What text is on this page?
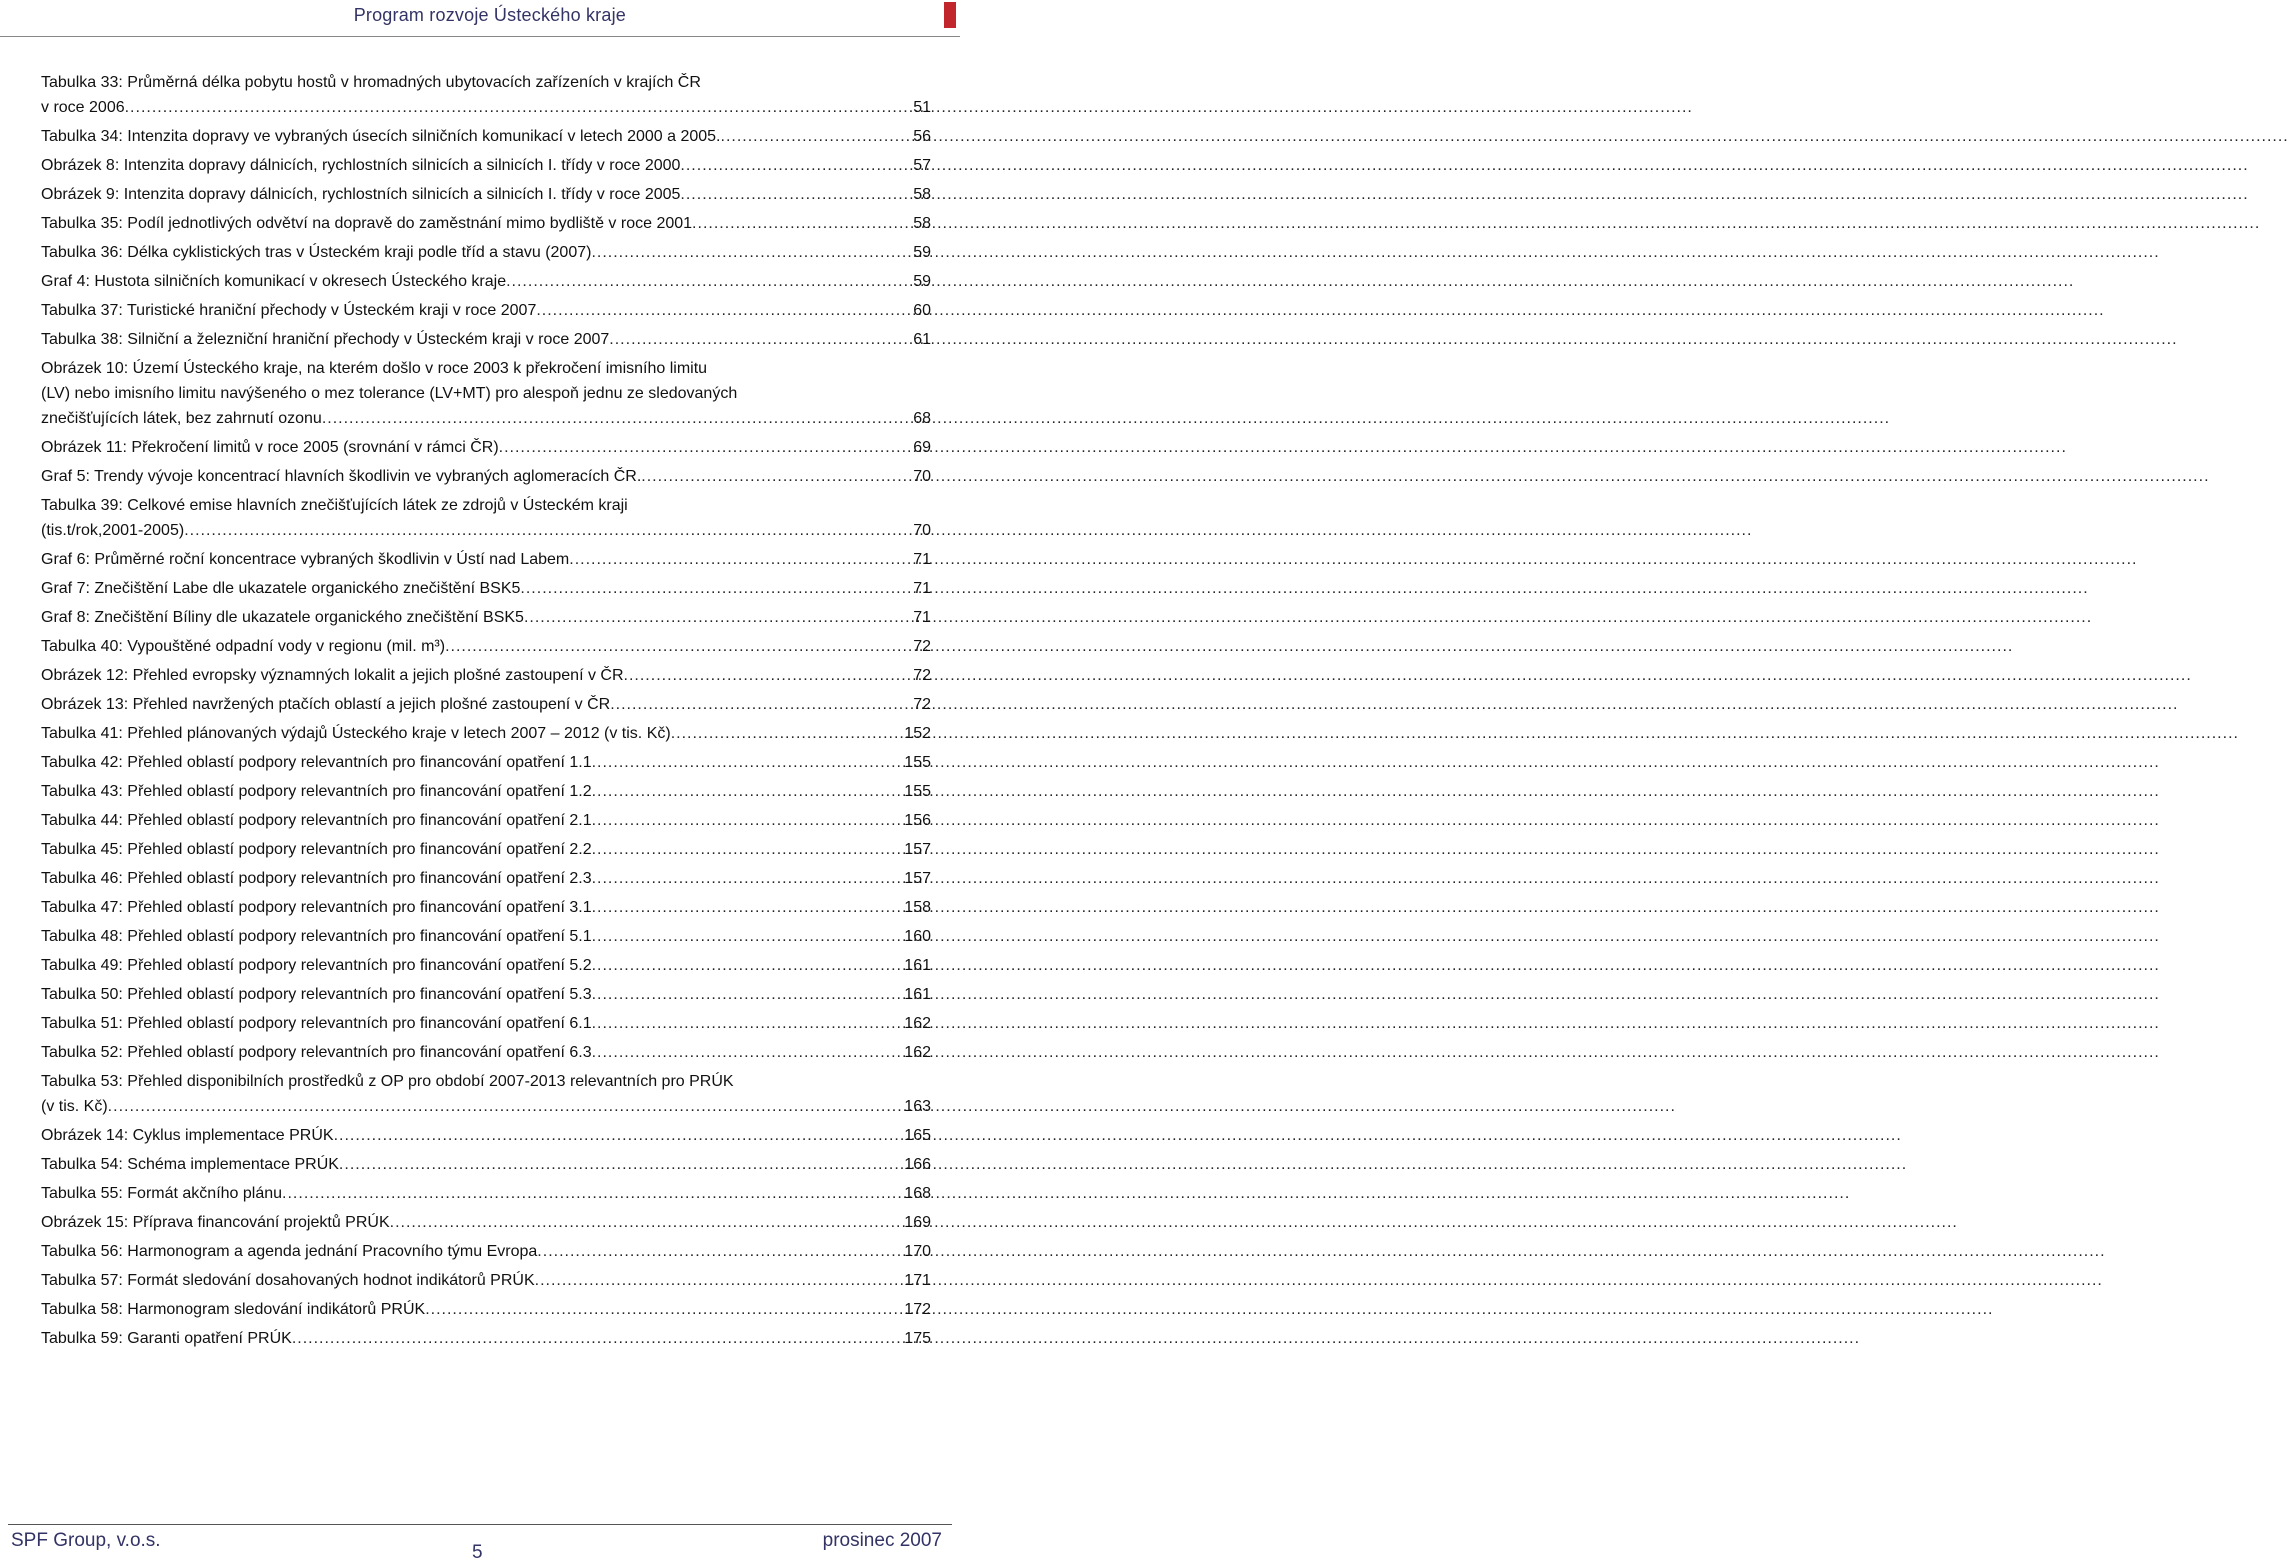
Program rozvoje Ústeckého kraje
Tabulka 33: Průměrná délka pobytu hostů v hromadných ubytovacích zařízeních v krajích ČR
v roce 2006 .....	51
Tabulka 34: Intenzita dopravy ve vybraných úsecích silničních komunikací v letech 2000 a 2005. .....	56
Obrázek 8: Intenzita dopravy dálnicích, rychlostních silnicích a silnicích I. třídy v roce 2000 .....	57
Obrázek 9: Intenzita dopravy dálnicích, rychlostních silnicích a silnicích I. třídy v roce 2005 .....	58
Tabulka 35: Podíl jednotlivých odvětví na dopravě do zaměstnání mimo bydliště v roce 2001 .....	58
Tabulka 36: Délka cyklistických tras v Ústeckém kraji podle tříd a stavu (2007) .....	59
Graf 4: Hustota silničních komunikací v okresech Ústeckého kraje .....	59
Tabulka 37: Turistické hraniční přechody v Ústeckém kraji v roce 2007 .....	60
Tabulka 38: Silniční a železniční hraniční přechody v Ústeckém kraji v roce 2007 .....	61
Obrázek 10: Území Ústeckého kraje, na kterém došlo v roce 2003 k překročení imisního limitu
(LV) nebo imisního limitu navýšeného o mez tolerance (LV+MT) pro alespoň jednu ze sledovaných
znečišťujících látek, bez zahrnutí ozonu .....	68
Obrázek 11: Překročení limitů v roce 2005 (srovnání v rámci ČR) .....	69
Graf 5: Trendy vývoje koncentrací hlavních škodlivin ve vybraných aglomeracích ČR. .....	70
Tabulka 39: Celkové emise hlavních znečišťujících látek ze zdrojů v Ústeckém kraji
(tis.t/rok,2001-2005) .....	70
Graf 6: Průměrné roční koncentrace vybraných škodlivin v Ústí nad Labem .....	71
Graf 7: Znečištění Labe dle ukazatele organického znečištění BSK5 .....	71
Graf 8: Znečištění Bíliny dle ukazatele organického znečištění BSK5 .....	71
Tabulka 40: Vypouštěné odpadní vody v regionu (mil. m³) .....	72
Obrázek 12: Přehled evropsky významných lokalit a jejich plošné zastoupení v ČR .....	72
Obrázek 13: Přehled navržených ptačích oblastí a jejich plošné zastoupení v ČR .....	72
Tabulka 41: Přehled plánovaných výdajů Ústeckého kraje v letech 2007 – 2012 (v tis. Kč) .....	152
Tabulka 42: Přehled oblastí podpory relevantních pro financování opatření 1.1 .....	155
Tabulka 43: Přehled oblastí podpory relevantních pro financování opatření 1.2 .....	155
Tabulka 44: Přehled oblastí podpory relevantních pro financování opatření 2.1 .....	156
Tabulka 45: Přehled oblastí podpory relevantních pro financování opatření 2.2 .....	157
Tabulka 46: Přehled oblastí podpory relevantních pro financování opatření 2.3 .....	157
Tabulka 47: Přehled oblastí podpory relevantních pro financování opatření 3.1 .....	158
Tabulka 48: Přehled oblastí podpory relevantních pro financování opatření 5.1 .....	160
Tabulka 49: Přehled oblastí podpory relevantních pro financování opatření 5.2 .....	161
Tabulka 50: Přehled oblastí podpory relevantních pro financování opatření 5.3 .....	161
Tabulka 51: Přehled oblastí podpory relevantních pro financování opatření 6.1 .....	162
Tabulka 52: Přehled oblastí podpory relevantních pro financování opatření 6.3 .....	162
Tabulka 53: Přehled disponibilních prostředků z OP pro období 2007-2013 relevantních pro PRÚK
(v tis. Kč) .....	163
Obrázek 14: Cyklus implementace PRÚK .....	165
Tabulka 54: Schéma implementace PRÚK .....	166
Tabulka 55: Formát akčního plánu .....	168
Obrázek 15: Příprava financování projektů PRÚK .....	169
Tabulka 56: Harmonogram a agenda jednání Pracovního týmu Evropa .....	170
Tabulka 57: Formát sledování dosahovaných hodnot indikátorů PRÚK .....	171
Tabulka 58: Harmonogram sledování indikátorů PRÚK .....	172
Tabulka 59: Garanti opatření PRÚK .....	175
SPF Group, v.o.s.
5
prosinec 2007
